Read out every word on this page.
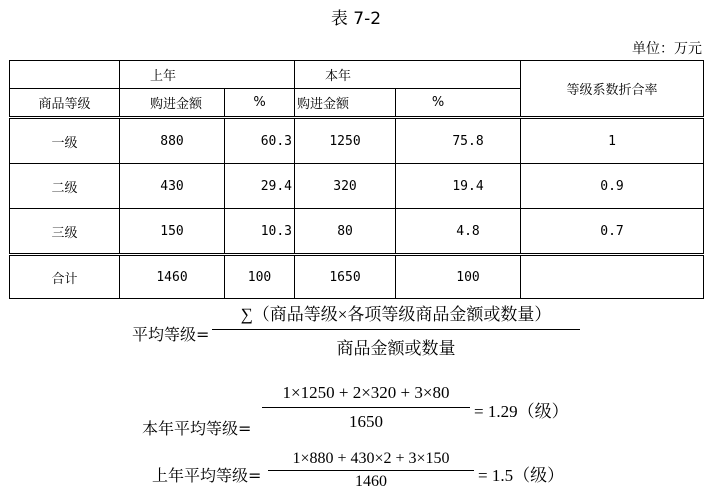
表 7-2
单位：万元
	上年		本年		等级系数折合率
商品等级	购进金额	%	购进金额	%	
一级	880	60.3	1250	75.8	1
二级	430	29.4	320	19.4	0.9
三级	150	10.3	80	4.8	0.7
合计	1460	100	1650	100	
平均等级=
∑（商品等级×各项等级商品金额或数量）
商品金额或数量
本年平均等级=
1×1250 + 2×320 + 3×80
1650
= 1.29（级）
上年平均等级=
1×880 + 430×2 + 3×150
1460	= 1.5（级）
